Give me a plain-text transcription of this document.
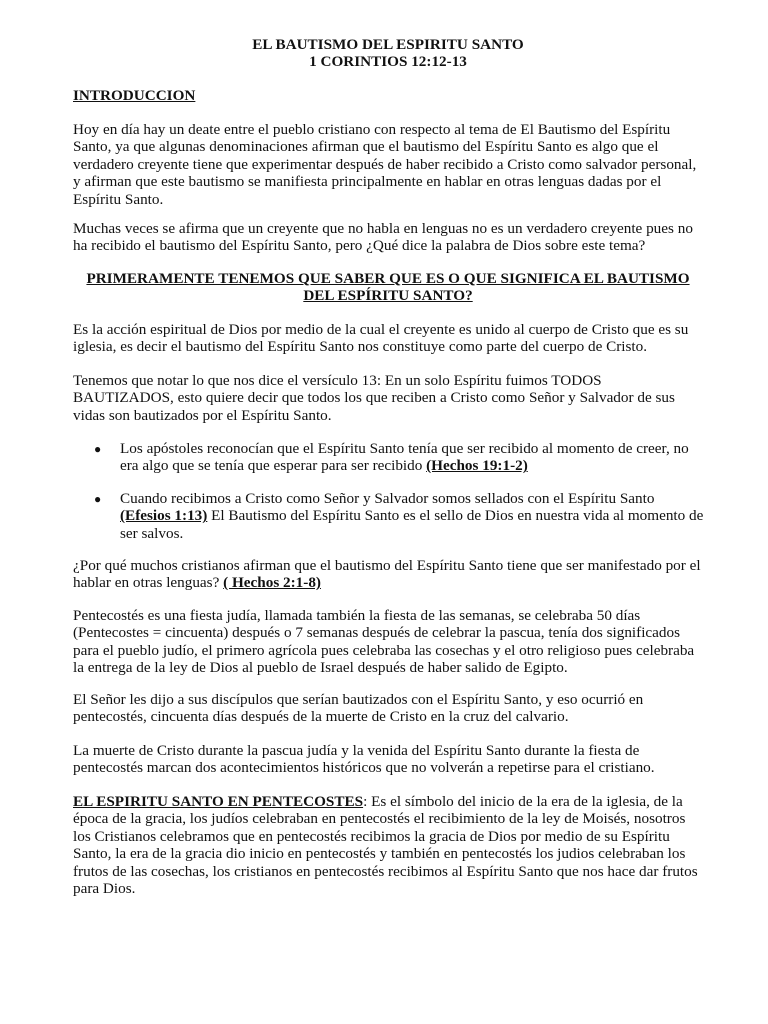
EL BAUTISMO DEL ESPIRITU SANTO
1 CORINTIOS 12:12-13
INTRODUCCION

Hoy en día hay un deate entre el pueblo cristiano con respecto al tema de El Bautismo del Espíritu Santo, ya que algunas denominaciones afirman que el bautismo del Espíritu Santo es algo que el verdadero creyente tiene que experimentar después de haber recibido a Cristo como salvador personal, y afirman que este bautismo se manifiesta principalmente en hablar en otras lenguas dadas por el Espíritu Santo.

Muchas veces se afirma que un creyente que no habla en lenguas no es un verdadero creyente pues no ha recibido el bautismo del Espíritu Santo, pero ¿Qué dice la palabra de Dios sobre este tema?

PRIMERAMENTE TENEMOS QUE SABER QUE ES O QUE SIGNIFICA EL BAUTISMO DEL ESPÍRITU SANTO?

Es la acción espiritual de Dios por medio de la cual el creyente es unido al cuerpo de Cristo que es su iglesia, es decir el bautismo del Espíritu Santo nos constituye como parte del cuerpo de Cristo.

Tenemos que notar lo que nos dice el versículo 13: En un solo Espíritu fuimos TODOS BAUTIZADOS, esto quiere decir que todos los que reciben a Cristo como Señor y Salvador de sus vidas son bautizados por el Espíritu Santo.

● Los apóstoles reconocían que el Espíritu Santo tenía que ser recibido al momento de creer, no era algo que se tenía que esperar para ser recibido (Hechos 19:1-2)

● Cuando recibimos a Cristo como Señor y Salvador somos sellados con el Espíritu Santo (Efesios 1:13) El Bautismo del Espíritu Santo es el sello de Dios en nuestra vida al momento de ser salvos.

¿Por qué muchos cristianos afirman que el bautismo del Espíritu Santo tiene que ser manifestado por el hablar en otras lenguas? ( Hechos 2:1-8)

Pentecostés es una fiesta judía, llamada también la fiesta de las semanas, se celebraba 50 días (Pentecostes = cincuenta) después o 7 semanas después de celebrar la pascua, tenía dos significados para el pueblo judío, el primero agrícola pues celebraba las cosechas y el otro religioso pues celebraba la entrega de la ley de Dios al pueblo de Israel después de haber salido de Egipto.

El Señor les dijo a sus discípulos que serían bautizados con el Espíritu Santo, y eso ocurrió en pentecostés, cincuenta días después de la muerte de Cristo en la cruz del calvario.

La muerte de Cristo durante la pascua judía y la venida del Espíritu Santo durante la fiesta de pentecostés marcan dos acontecimientos históricos que no volverán a repetirse para el cristiano.

EL ESPIRITU SANTO EN PENTECOSTES: Es el símbolo del inicio de la era de la iglesia, de la época de la gracia, los judíos celebraban en pentecostés el recibimiento de la ley de Moisés, nosotros los Cristianos celebramos que en pentecostés recibimos la gracia de Dios por medio de su Espíritu Santo, la era de la gracia dio inicio en pentecostés y también en pentecostés los judios celebraban los frutos de las cosechas, los cristianos en pentecostés recibimos al Espíritu Santo que nos hace dar frutos para Dios.
